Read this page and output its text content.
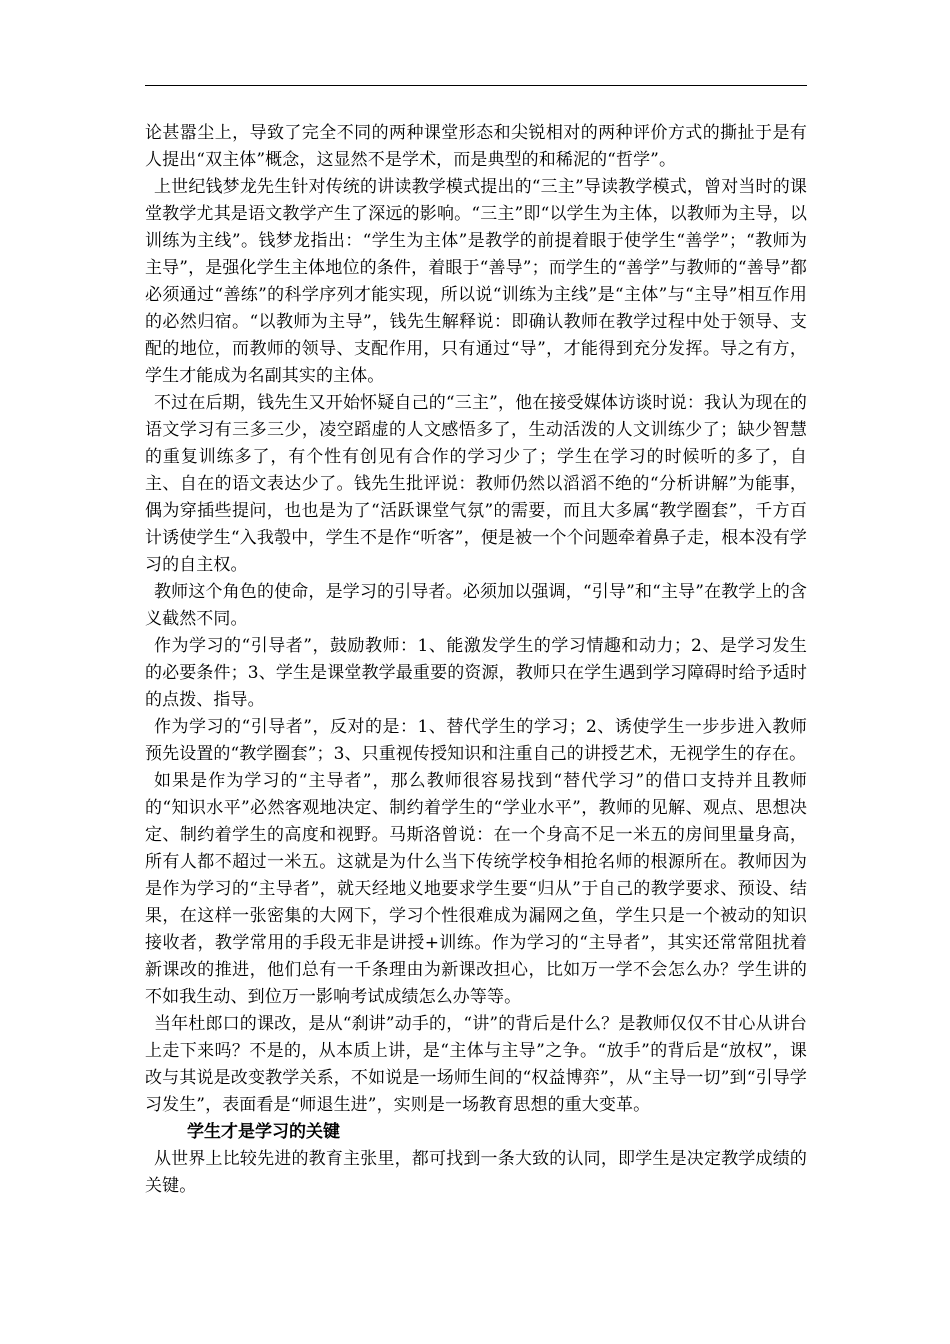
论甚嚣尘上，导致了完全不同的两种课堂形态和尖锐相对的两种评价方式的撕扯于是有人提出“双主体”概念，这显然不是学术，而是典型的和稀泥的“哲学”。

上世纪钱梦龙先生针对传统的讲读教学模式提出的“三主”导读教学模式，曾对当时的课堂教学尤其是语文教学产生了深远的影响。“三主”即“以学生为主体，以教师为主导，以训练为主线”。钱梦龙指出：“学生为主体”是教学的前提着眼于使学生“善学”；“教师为主导”，是强化学生主体地位的条件，着眼于“善导”；而学生的“善学”与教师的“善导”都必须通过“善练”的科学序列才能实现，所以说“训练为主线”是“主体”与“主导”相互作用的必然归宿。“以教师为主导”，钱先生解释说：即确认教师在教学过程中处于领导、支配的地位，而教师的领导、支配作用，只有通过“导”，才能得到充分发挥。导之有方，学生才能成为名副其实的主体。

不过在后期，钱先生又开始怀疑自己的“三主”，他在接受媒体访谈时说：我认为现在的语文学习有三多三少，凌空蹈虚的人文感悟多了，生动活泼的人文训练少了；缺少智慧的重复训练多了，有个性有创见有合作的学习少了；学生在学习的时候听的多了，自主、自在的语文表达少了。钱先生批评说：教师仍然以滔滔不绝的“分析讲解”为能事，偶为穿插些提问，也也是为了“活跃课堂气氛”的需要，而且大多属“教学圈套”，千方百计诱使学生“入我彀中，学生不是作“听客”，便是被一个个问题牵着鼻子走，根本没有学习的自主权。

教师这个角色的使命，是学习的引导者。必须加以强调，“引导”和“主导”在教学上的含义截然不同。

作为学习的“引导者”，鼓励教师：1、能激发学生的学习情趣和动力；2、是学习发生的必要条件；3、学生是课堂教学最重要的资源，教师只在学生遇到学习障碍时给予适时的点拨、指导。

作为学习的“引导者”，反对的是：1、替代学生的学习；2、诱使学生一步步进入教师预先设置的“教学圈套”；3、只重视传授知识和注重自己的讲授艺术，无视学生的存在。

如果是作为学习的“主导者”，那么教师很容易找到“替代学习”的借口支持并且教师的“知识水平”必然客观地决定、制约着学生的“学业水平”，教师的见解、观点、思想决定、制约着学生的高度和视野。马斯洛曾说：在一个身高不足一米五的房间里量身高，所有人都不超过一米五。这就是为什么当下传统学校争相抢名师的根源所在。教师因为是作为学习的“主导者”，就天经地义地要求学生要“归从”于自己的教学要求、预设、结果，在这样一张密集的大网下，学习个性很难成为漏网之鱼，学生只是一个被动的知识接收者，教学常用的手段无非是讲授+训练。作为学习的“主导者”，其实还常常阻扰着新课改的推进，他们总有一千条理由为新课改担心，比如万一学不会怎么办？学生讲的不如我生动、到位万一影响考试成绩怎么办等等。

当年杜郎口的课改，是从“刹讲”动手的，“讲”的背后是什么？是教师仅仅不甘心从讲台上走下来吗？不是的，从本质上讲，是“主体与主导”之争。“放手”的背后是“放权”，课改与其说是改变教学关系，不如说是一场师生间的“权益博弈”，从“主导一切”到“引导学习发生”，表面看是“师退生进”，实则是一场教育思想的重大变革。

学生才是学习的关键

从世界上比较先进的教育主张里，都可找到一条大致的认同，即学生是决定教学成绩的关键。
